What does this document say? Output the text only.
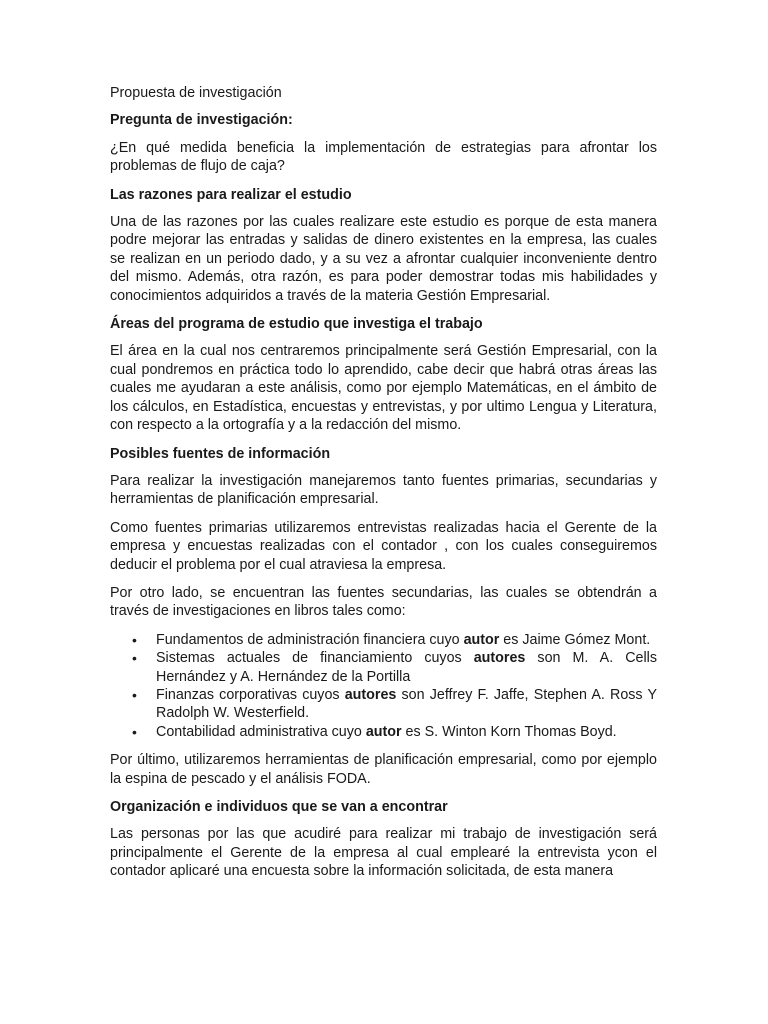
Propuesta de investigación

Pregunta de investigación:

¿En qué medida beneficia la implementación de estrategias para afrontar los problemas de flujo de caja?

Las razones para realizar el estudio

Una de las razones por las cuales realizare este estudio es porque de esta manera podre mejorar las entradas y salidas de dinero existentes en la empresa, las cuales se realizan en un periodo dado, y a su vez a afrontar cualquier inconveniente dentro del mismo. Además, otra razón, es para poder demostrar todas mis habilidades y conocimientos adquiridos a través de la materia Gestión Empresarial.

Áreas del programa de estudio que investiga el trabajo

El área en la cual nos centraremos principalmente será Gestión Empresarial, con la cual pondremos en práctica todo lo aprendido, cabe decir que habrá otras áreas las cuales me ayudaran a este análisis, como por ejemplo Matemáticas, en el ámbito de los cálculos, en Estadística, encuestas y entrevistas, y por ultimo Lengua y Literatura, con respecto a la ortografía y a la redacción del mismo.

Posibles fuentes de información

Para realizar la investigación manejaremos tanto fuentes primarias, secundarias y herramientas de planificación empresarial.

Como fuentes primarias utilizaremos entrevistas realizadas hacia el Gerente de la empresa y encuestas realizadas con el contador , con los cuales conseguiremos deducir el problema por el cual atraviesa la empresa.

Por otro lado, se encuentran las fuentes secundarias, las cuales se obtendrán a través de investigaciones en libros tales como:

• Fundamentos de administración financiera cuyo autor es Jaime Gómez Mont.
• Sistemas actuales de financiamiento cuyos autores son M. A. Cells Hernández y A. Hernández de la Portilla
• Finanzas corporativas cuyos autores son Jeffrey F. Jaffe, Stephen A. Ross Y Radolph W. Westerfield.
• Contabilidad administrativa cuyo autor es S. Winton Korn Thomas Boyd.

Por último, utilizaremos herramientas de planificación empresarial, como por ejemplo la espina de pescado y el análisis FODA.

Organización e individuos que se van a encontrar

Las personas por las que acudiré para realizar mi trabajo de investigación será principalmente el Gerente de la empresa al cual emplearé la entrevista ycon el contador aplicaré una encuesta sobre la información solicitada, de esta manera
